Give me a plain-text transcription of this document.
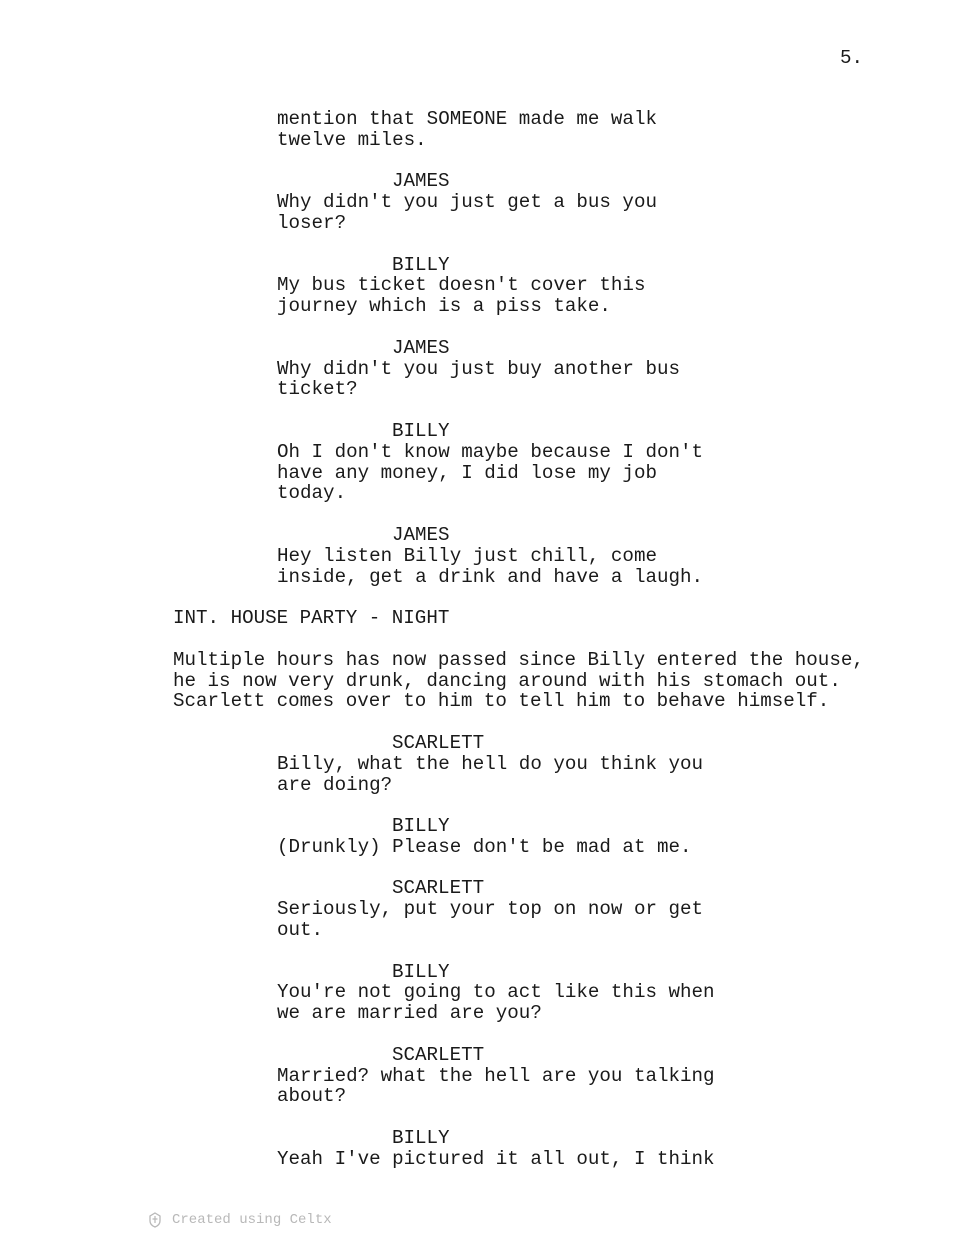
5.
mention that SOMEONE made me walk
twelve miles.
JAMES
Why didn't you just get a bus you
loser?
BILLY
My bus ticket doesn't cover this
journey which is a piss take.
JAMES
Why didn't you just buy another bus
ticket?
BILLY
Oh I don't know maybe because I don't
have any money, I did lose my job
today.
JAMES
Hey listen Billy just chill, come
inside, get a drink and have a laugh.
INT. HOUSE PARTY - NIGHT
Multiple hours has now passed since Billy entered the house,
he is now very drunk, dancing around with his stomach out.
Scarlett comes over to him to tell him to behave himself.
SCARLETT
Billy, what the hell do you think you
are doing?
BILLY
(Drunkly) Please don't be mad at me.
SCARLETT
Seriously, put your top on now or get
out.
BILLY
You're not going to act like this when
we are married are you?
SCARLETT
Married? what the hell are you talking
about?
BILLY
Yeah I've pictured it all out, I think
Created using Celtx
